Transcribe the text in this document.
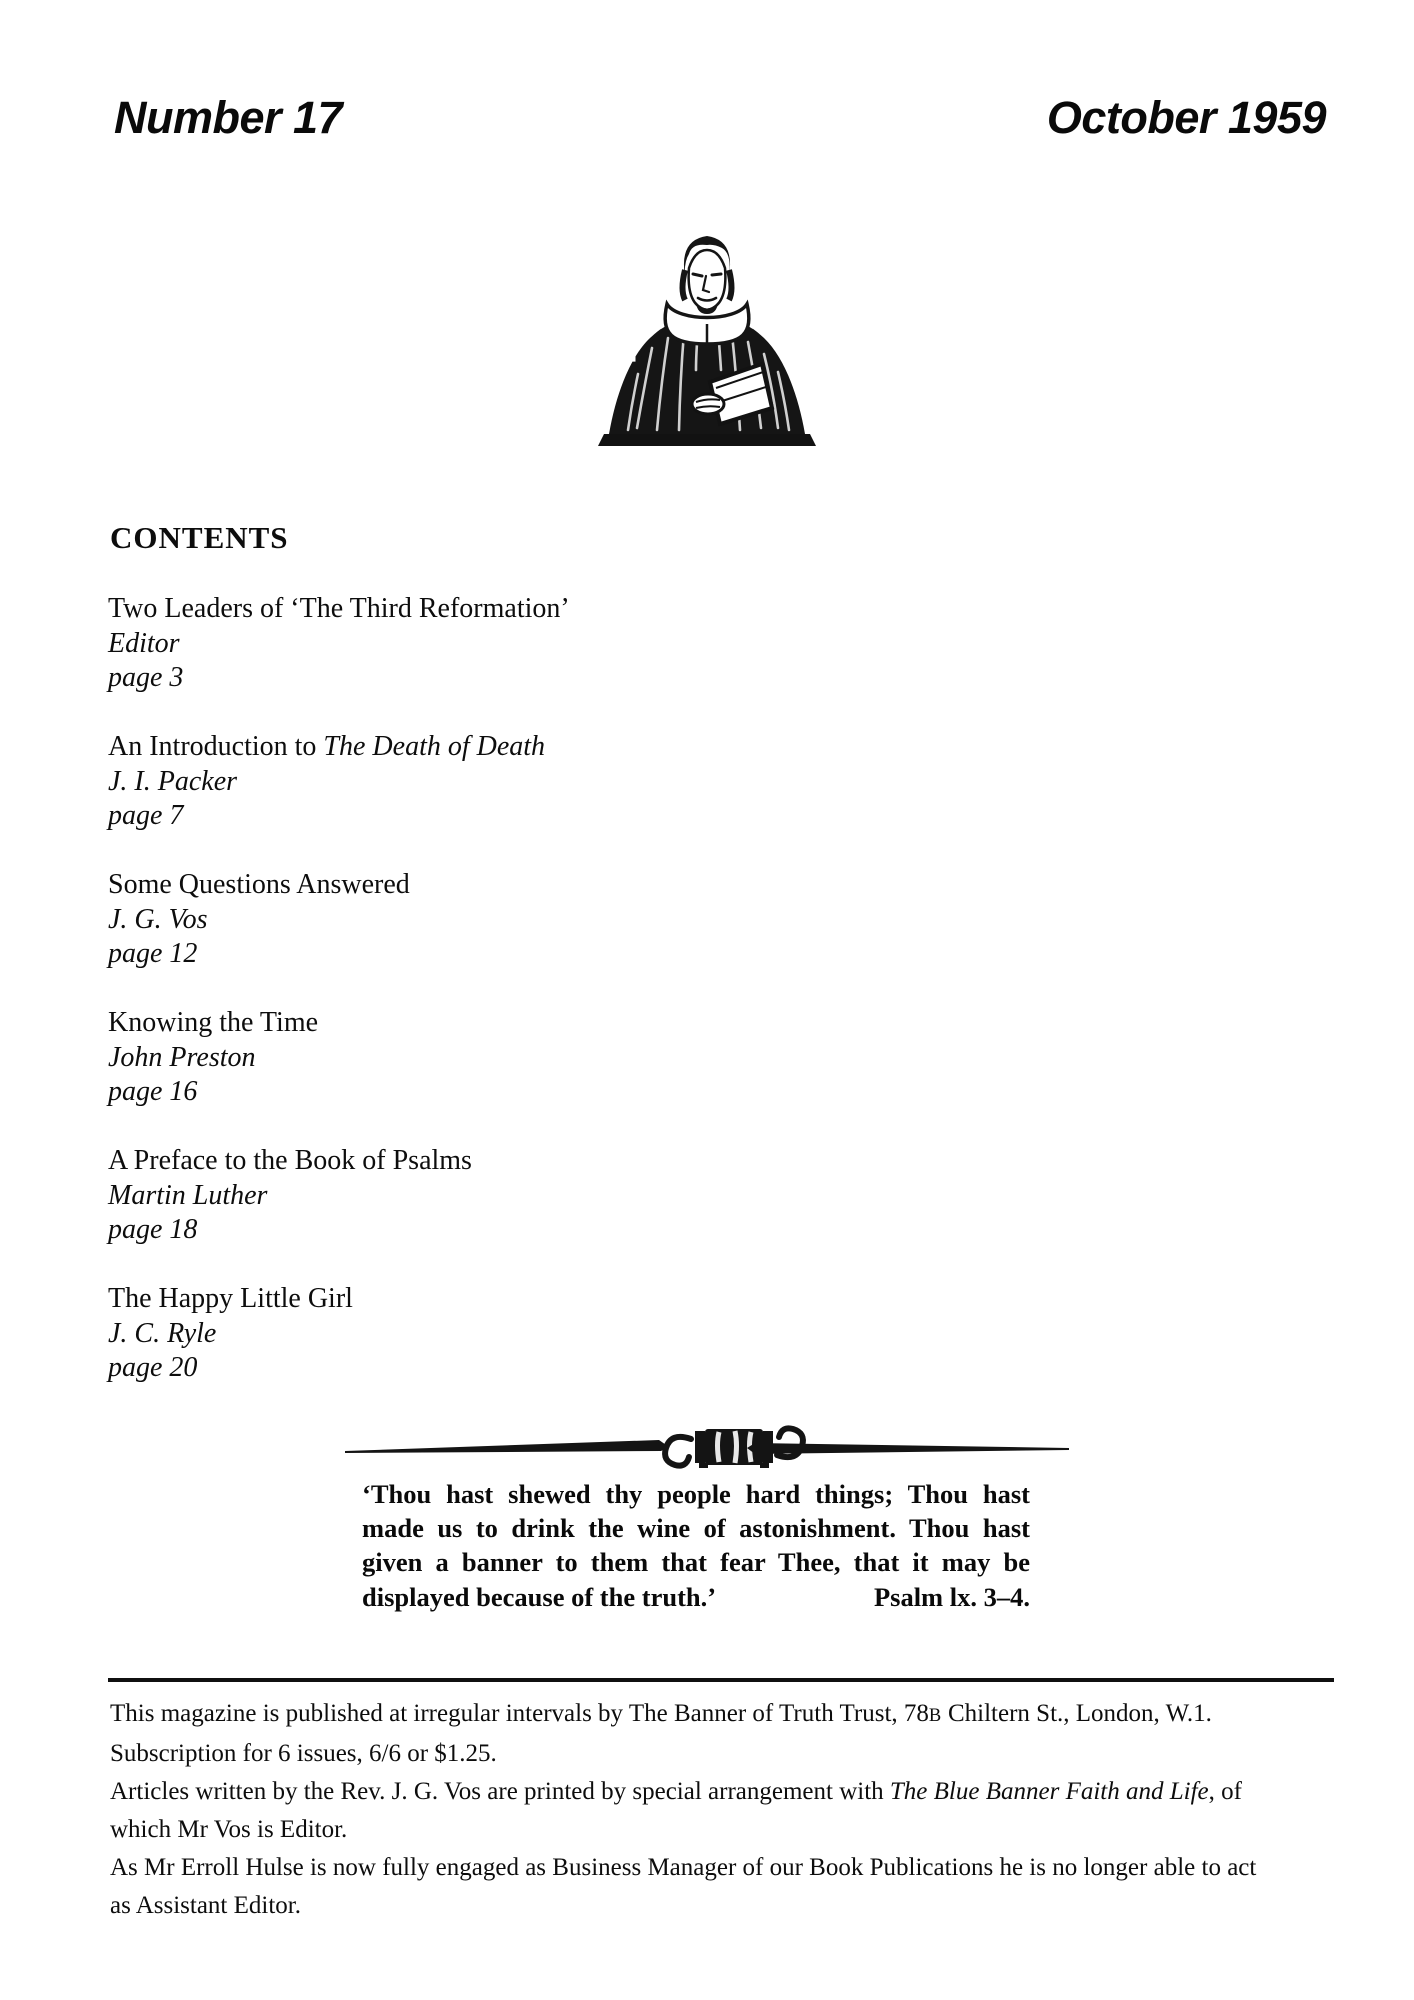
Number 17	October 1959
CONTENTS
Two Leaders of ‘The Third Reformation’
Editor
page 3
An Introduction to The Death of Death
J. I. Packer
page 7
Some Questions Answered
J. G. Vos
page 12
Knowing the Time
John Preston
page 16
A Preface to the Book of Psalms
Martin Luther
page 18
The Happy Little Girl
J. C. Ryle
page 20
‘Thou hast shewed thy people hard things; Thou hast
made us to drink the wine of astonishment. Thou hast
given a banner to them that fear Thee, that it may be
displayed because of the truth.’	Psalm lx. 3–4.
This magazine is published at irregular intervals by The Banner of Truth Trust, 78B Chiltern St., London, W.1.
Subscription for 6 issues, 6/6 or $1.25.
Articles written by the Rev. J. G. Vos are printed by special arrangement with The Blue Banner Faith and Life, of
which Mr Vos is Editor.
As Mr Erroll Hulse is now fully engaged as Business Manager of our Book Publications he is no longer able to act
as Assistant Editor.
